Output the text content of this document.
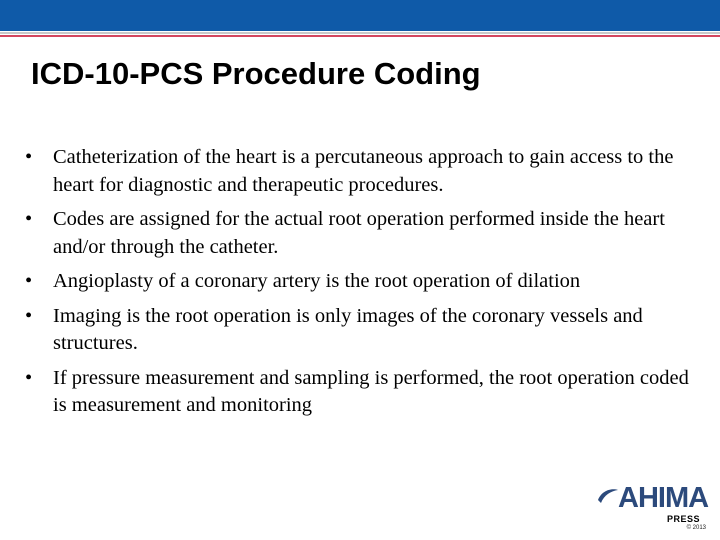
ICD-10-PCS Procedure Coding
• Catheterization of the heart is a percutaneous approach to gain access to the heart for diagnostic and therapeutic procedures.
• Codes are assigned for the actual root operation performed inside the heart and/or through the catheter.
• Angioplasty of a coronary artery is the root operation of dilation
• Imaging is the root operation is only images of the coronary vessels and structures.
• If pressure measurement and sampling is performed, the root operation coded is measurement and monitoring
AHIMA
PRESS
© 2013
